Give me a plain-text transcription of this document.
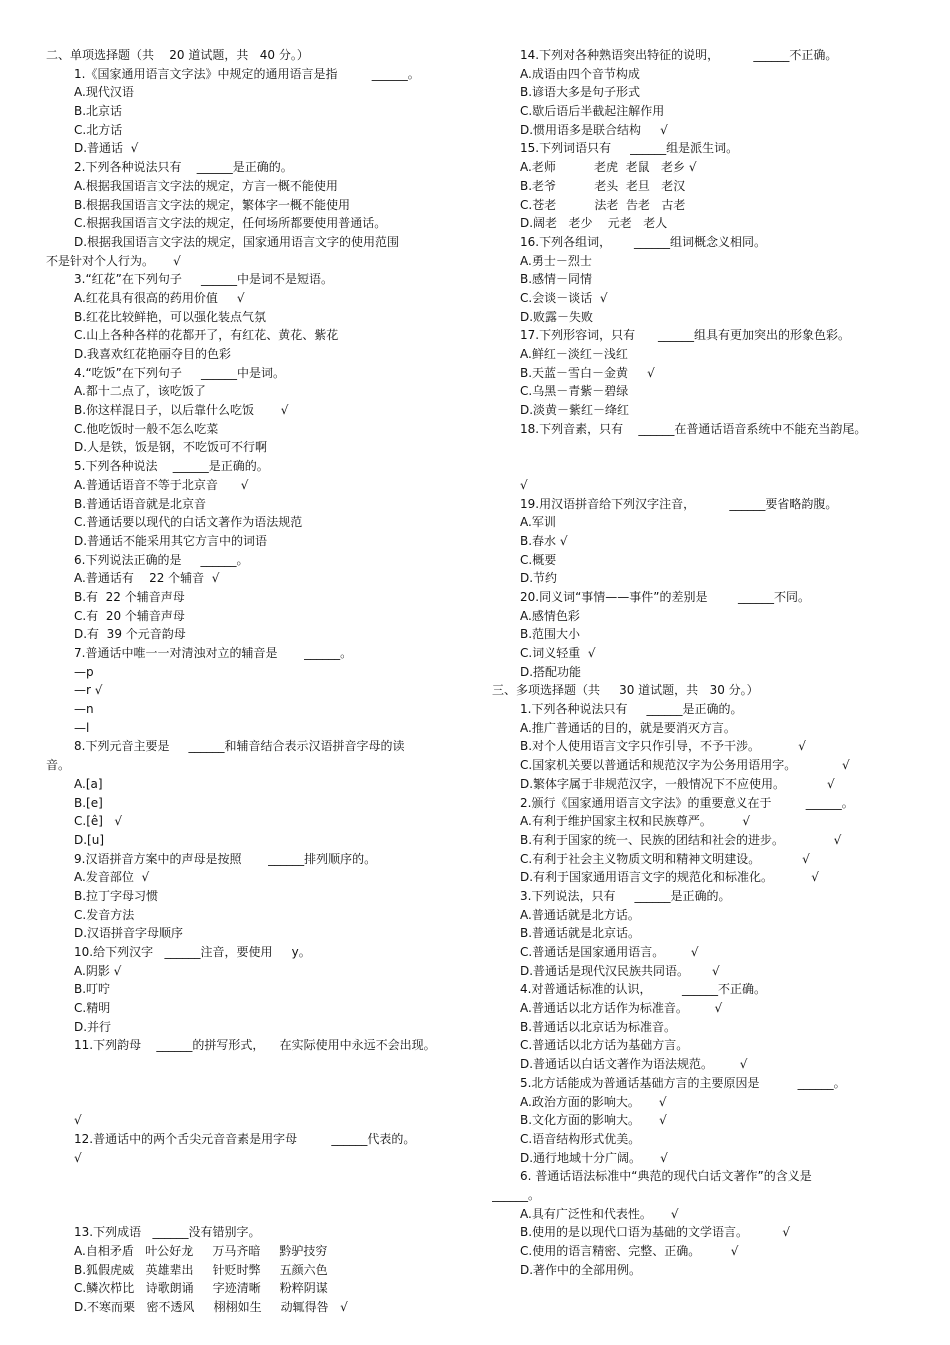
二、单项选择题（共    20 道试题，共   40 分。）
1.《国家通用语言文字法》中规定的通用语言是指         ______。
A.现代汉语
B.北京话
C.北方话
D.普通话  √
2.下列各种说法只有    ______是正确的。
A.根据我国语言文字法的规定，方言一概不能使用
B.根据我国语言文字法的规定，繁体字一概不能使用
C.根据我国语言文字法的规定，任何场所都要使用普通话。
D.根据我国语言文字法的规定，国家通用语言文字的使用范围
不是针对个人行为。     √
3.“红花”在下列句子     ______中是词不是短语。
A.红花具有很高的药用价值     √
B.红花比较鲜艳，可以强化装点气氛
C.山上各种各样的花都开了，有红花、黄花、紫花
D.我喜欢红花艳丽夺目的色彩
4.“吃饭”在下列句子     ______中是词。
A.都十二点了，该吃饭了
B.你这样混日子，以后靠什么吃饭       √
C.他吃饭时一般不怎么吃菜
D.人是铁，饭是钢，不吃饭可不行啊
5.下列各种说法    ______是正确的。
A.普通话语音不等于北京音      √
B.普通话语音就是北京音
C.普通话要以现代的白话文著作为语法规范
D.普通话不能采用其它方言中的词语
6.下列说法正确的是     ______。
A.普通话有    22 个辅音  √
B.有  22 个辅音声母
C.有  20 个辅音声母
D.有  39 个元音韵母
7.普通话中唯一一对清浊对立的辅音是       ______。
—p
—r √
—n
—l
8.下列元音主要是     ______和辅音结合表示汉语拼音字母的读
音。
A.[a]
B.[e]
C.[ê]   √
D.[u]
9.汉语拼音方案中的声母是按照       ______排列顺序的。
A.发音部位  √
B.拉丁字母习惯
C.发音方法
D.汉语拼音字母顺序
10.给下列汉字   ______注音，要使用     y。
A.阴影 √
B.叮咛
C.精明
D.并行
11.下列韵母    ______的拼写形式，    在实际使用中永远不会出现。
√
12.普通话中的两个舌尖元音音素是用字母         ______代表的。
√
13.下列成语   ______没有错别字。
A.自相矛盾   叶公好龙     万马齐暗     黔驴技穷
B.狐假虎威   英雄辈出     针贬时弊     五颜六色
C.鳞次栉比   诗歌朗诵     字迹清晰     粉粹阴谋
D.不寒而栗   密不透风     栩栩如生     动辄得咎   √
14.下列对各种熟语突出特征的说明，         ______不正确。
A.成语由四个音节构成
B.谚语大多是句子形式
C.歇后语后半截起注解作用
D.惯用语多是联合结构     √
15.下列词语只有     ______组是派生词。
A.老师          老虎  老鼠   老乡 √
B.老爷          老头  老旦   老汉
C.苍老          法老  告老   古老
D.阔老   老少    元老   老人
16.下列各组词，      ______组词概念义相同。
A.勇士－烈士
B.感情－同情
C.会谈－谈话  √
D.败露－失败
17.下列形容词，只有      ______组具有更加突出的形象色彩。
A.鲜红－淡红－浅红
B.天蓝－雪白－金黄     √
C.乌黑－青紫－碧绿
D.淡黄－紫红－绛红
18.下列音素，只有    ______在普通话语音系统中不能充当韵尾。
√
19.用汉语拼音给下列汉字注音，         ______要省略韵腹。
A.军训
B.春水 √
C.概要
D.节约
20.同义词“事情——事件”的差别是        ______不同。
A.感情色彩
B.范围大小
C.词义轻重  √
D.搭配功能
三、多项选择题（共     30 道试题，共   30 分。）
1.下列各种说法只有     ______是正确的。
A.推广普通话的目的，就是要消灭方言。
B.对个人使用语言文字只作引导，不予干涉。          √
C.国家机关要以普通话和规范汉字为公务用语用字。            √
D.繁体字属于非规范汉字，一般情况下不应使用。           √
2.颁行《国家通用语言文字法》的重要意义在于         ______。
A.有利于维护国家主权和民族尊严。        √
B.有利于国家的统一、民族的团结和社会的进步。             √
C.有利于社会主义物质文明和精神文明建设。           √
D.有利于国家通用语言文字的规范化和标准化。          √
3.下列说法，只有     ______是正确的。
A.普通话就是北方话。
B.普通话就是北京话。
C.普通话是国家通用语言。       √
D.普通话是现代汉民族共同语。      √
4.对普通话标准的认识，        ______不正确。
A.普通话以北方话作为标准音。       √
B.普通话以北京话为标准音。
C.普通话以北方话为基础方言。
D.普通话以白话文著作为语法规范。       √
5.北方话能成为普通话基础方言的主要原因是          ______。
A.政治方面的影响大。     √
B.文化方面的影响大。     √
C.语音结构形式优美。
D.通行地域十分广阔。     √
6. 普通话语法标准中“典范的现代白话文著作”的含义是
______。
A.具有广泛性和代表性。     √
B.使用的是以现代口语为基础的文学语言。         √
C.使用的语言精密、完整、正确。        √
D.著作中的全部用例。
